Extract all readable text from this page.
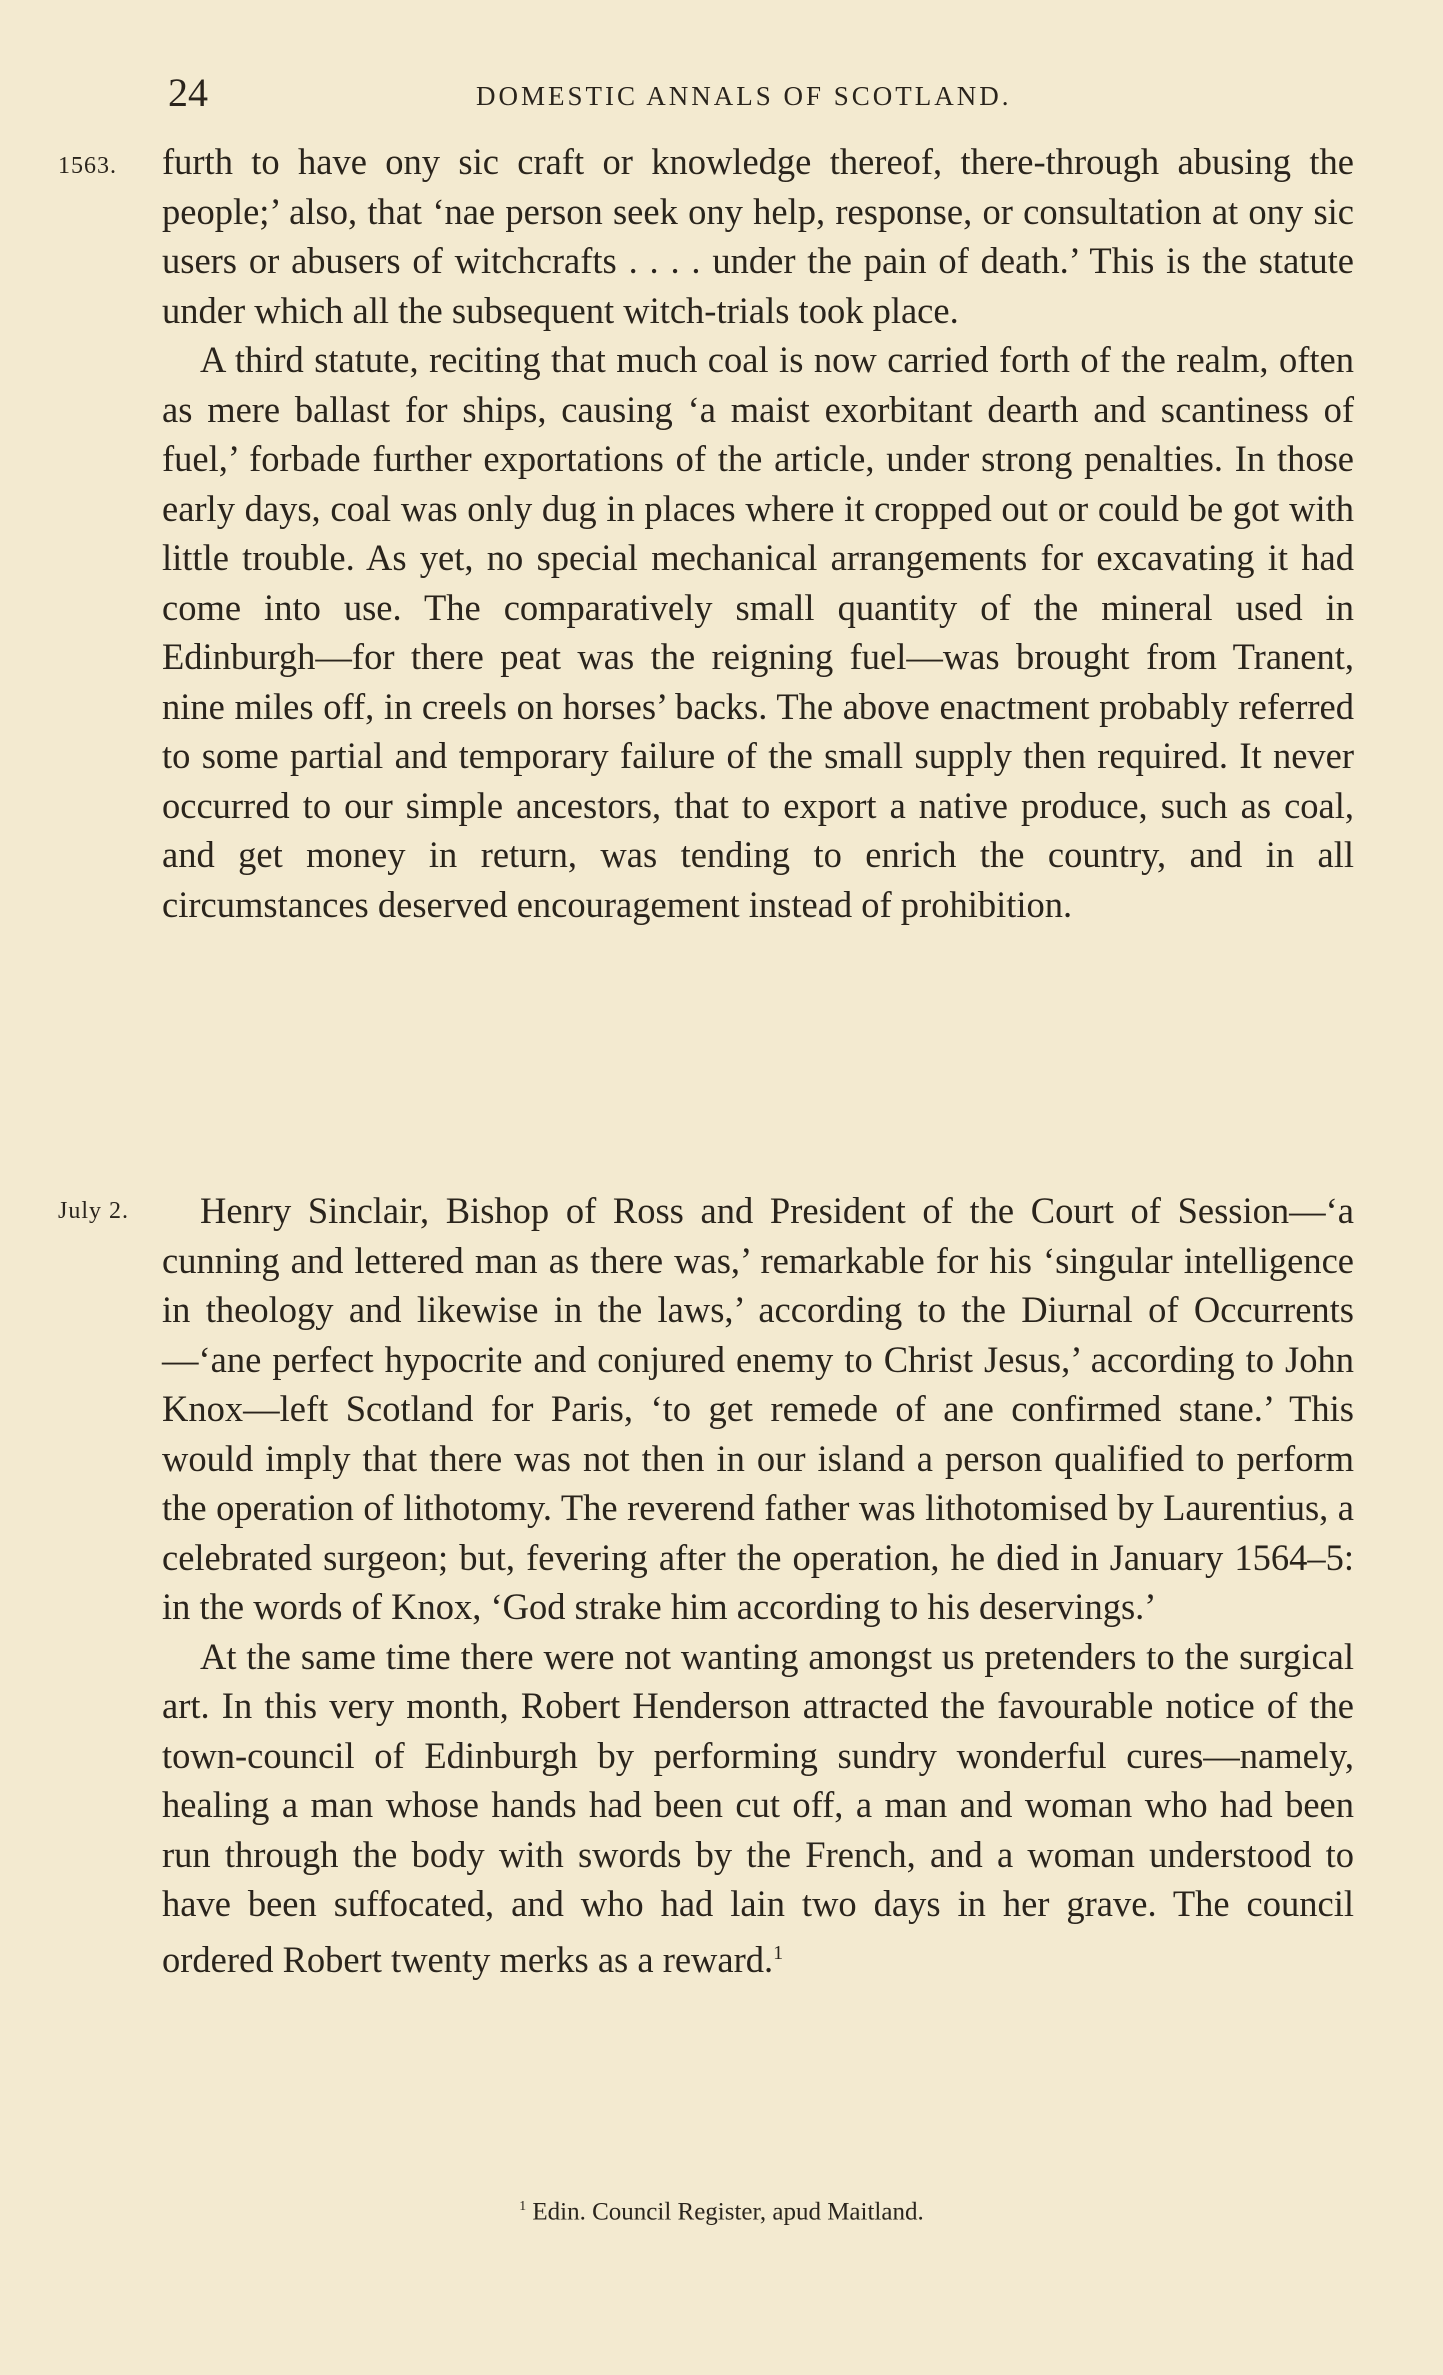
24	DOMESTIC ANNALS OF SCOTLAND.
1563. furth to have ony sic craft or knowledge thereof, there-through abusing the people;’ also, that ‘nae person seek ony help, response, or consultation at ony sic users or abusers of witchcrafts . . . . under the pain of death.’ This is the statute under which all the subsequent witch-trials took place.

A third statute, reciting that much coal is now carried forth of the realm, often as mere ballast for ships, causing ‘a maist exorbitant dearth and scantiness of fuel,’ forbade further exportations of the article, under strong penalties. In those early days, coal was only dug in places where it cropped out or could be got with little trouble. As yet, no special mechanical arrangements for excavating it had come into use. The comparatively small quantity of the mineral used in Edinburgh—for there peat was the reigning fuel—was brought from Tranent, nine miles off, in creels on horses’ backs. The above enactment probably referred to some partial and temporary failure of the small supply then required. It never occurred to our simple ancestors, that to export a native produce, such as coal, and get money in return, was tending to enrich the country, and in all circumstances deserved encouragement instead of prohibition.

July 2.	Henry Sinclair, Bishop of Ross and President of the Court of Session—‘a cunning and lettered man as there was,’ remarkable for his ‘singular intelligence in theology and likewise in the laws,’ according to the Diurnal of Occurrents—‘ane perfect hypocrite and conjured enemy to Christ Jesus,’ according to John Knox—left Scotland for Paris, ‘to get remede of ane confirmed stane.’ This would imply that there was not then in our island a person qualified to perform the operation of lithotomy. The reverend father was lithotomised by Laurentius, a celebrated surgeon; but, fevering after the operation, he died in January 1564–5: in the words of Knox, ‘God strake him according to his deservings.’

At the same time there were not wanting amongst us pretenders to the surgical art. In this very month, Robert Henderson attracted the favourable notice of the town-council of Edinburgh by performing sundry wonderful cures—namely, healing a man whose hands had been cut off, a man and woman who had been run through the body with swords by the French, and a woman understood to have been suffocated, and who had lain two days in her grave. The council ordered Robert twenty merks as a reward.$^1$

$^1$ Edin. Council Register, apud Maitland.
